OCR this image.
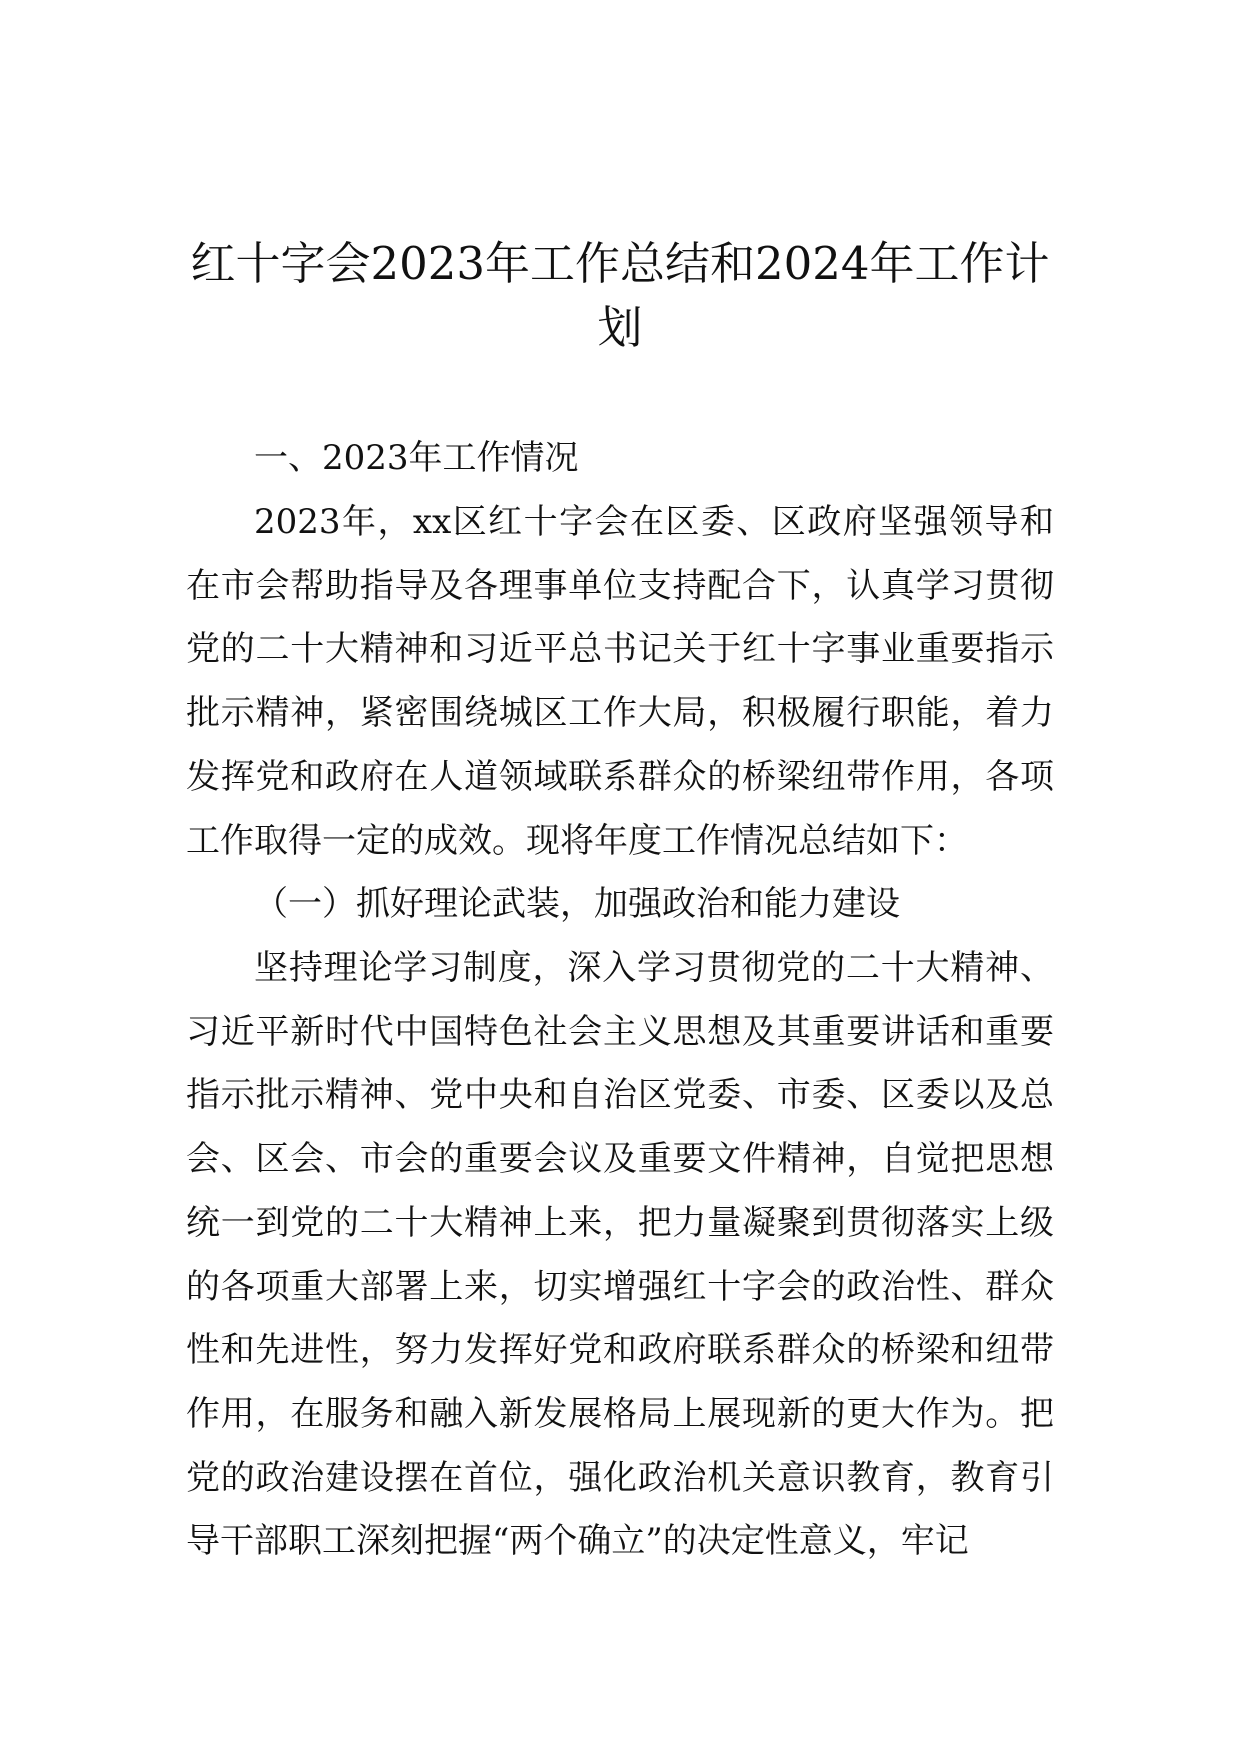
红十字会2023年工作总结和2024年工作计划
一、2023年工作情况
2023年，xx区红十字会在区委、区政府坚强领导和在市会帮助指导及各理事单位支持配合下，认真学习贯彻党的二十大精神和习近平总书记关于红十字事业重要指示批示精神，紧密围绕城区工作大局，积极履行职能，着力发挥党和政府在人道领域联系群众的桥梁纽带作用，各项工作取得一定的成效。现将年度工作情况总结如下：
（一）抓好理论武装，加强政治和能力建设
坚持理论学习制度，深入学习贯彻党的二十大精神、习近平新时代中国特色社会主义思想及其重要讲话和重要指示批示精神、党中央和自治区党委、市委、区委以及总会、区会、市会的重要会议及重要文件精神，自觉把思想统一到党的二十大精神上来，把力量凝聚到贯彻落实上级的各项重大部署上来，切实增强红十字会的政治性、群众性和先进性，努力发挥好党和政府联系群众的桥梁和纽带作用，在服务和融入新发展格局上展现新的更大作为。把党的政治建设摆在首位，强化政治机关意识教育，教育引导干部职工深刻把握“两个确立”的决定性意义，牢记
